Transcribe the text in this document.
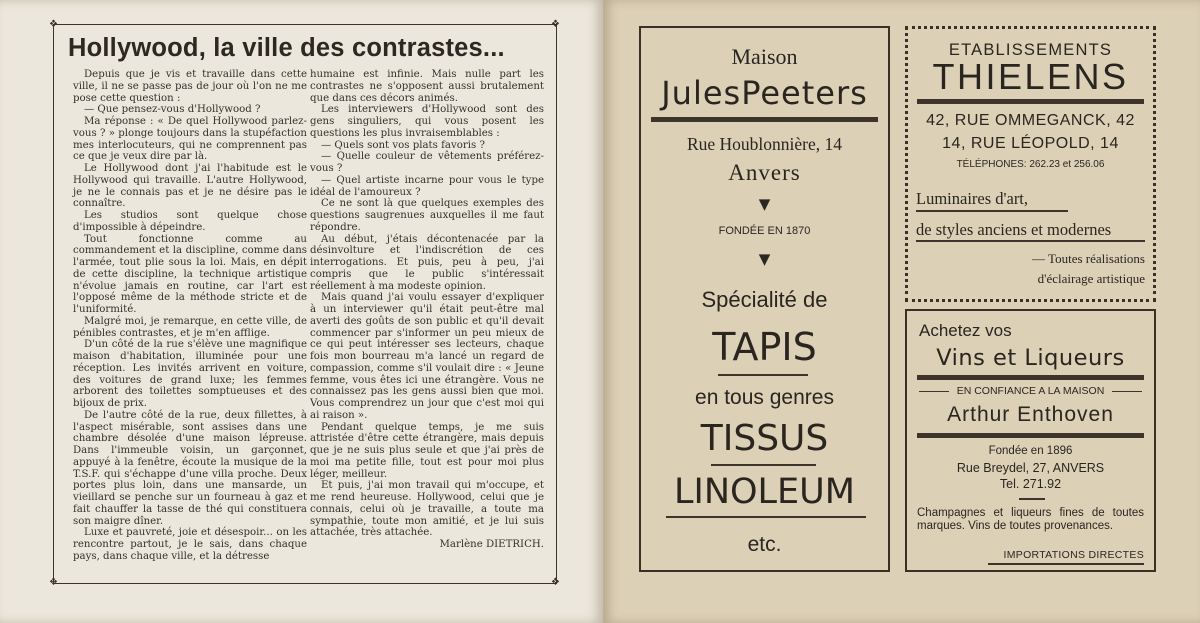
❖	❖
❖	❖
Hollywood, la ville des contrastes...

Depuis que je vis et travaille dans cette ville, il ne se passe pas de jour où l'on ne me pose cette question :

— Que pensez-vous d'Hollywood ?

Ma réponse : « De quel Hollywood parlez-vous ? » plonge toujours dans la stupéfaction mes interlocuteurs, qui ne comprennent pas ce que je veux dire par là.

Le Hollywood dont j'ai l'habitude est le Hollywood qui travaille. L'autre Hollywood, je ne le connais pas et je ne désire pas le connaître.

Les studios sont quelque chose d'impossible à dépeindre.

Tout fonctionne comme au commandement et la discipline, comme dans l'armée, tout plie sous la loi. Mais, en dépit de cette discipline, la technique artistique n'évolue jamais en routine, car l'art est l'opposé même de la méthode stricte et de l'uniformité.

Malgré moi, je remarque, en cette ville, de pénibles contrastes, et je m'en afflige.

D'un côté de la rue s'élève une magnifique maison d'habitation, illuminée pour une réception. Les invités arrivent en voiture, des voitures de grand luxe; les femmes arborent des toilettes somptueuses et des bijoux de prix.

De l'autre côté de la rue, deux fillettes, à l'aspect misérable, sont assises dans une chambre désolée d'une maison lépreuse. Dans l'immeuble voisin, un garçonnet, appuyé à la fenêtre, écoute la musique de la T.S.F. qui s'échappe d'une villa proche. Deux portes plus loin, dans une mansarde, un vieillard se penche sur un fourneau à gaz et fait chauffer la tasse de thé qui constituera son maigre dîner.

Luxe et pauvreté, joie et désespoir... on les rencontre partout, je le sais, dans chaque pays, dans chaque ville, et la détresse

humaine est infinie. Mais nulle part les contrastes ne s'opposent aussi brutalement que dans ces décors animés.

Les interviewers d'Hollywood sont des gens singuliers, qui vous posent les questions les plus invraisemblables :

— Quels sont vos plats favoris ?

— Quelle couleur de vêtements préférez-vous ?

— Quel artiste incarne pour vous le type idéal de l'amoureux ?

Ce ne sont là que quelques exemples des questions saugrenues auxquelles il me faut répondre.

Au début, j'étais décontenacée par la désinvolture et l'indiscrétion de ces interrogations. Et puis, peu à peu, j'ai compris que le public s'intéressait réellement à ma modeste opinion.

Mais quand j'ai voulu essayer d'expliquer à un interviewer qu'il était peut-être mal averti des goûts de son public et qu'il devait commencer par s'informer un peu mieux de ce qui peut intéresser ses lecteurs, chaque fois mon bourreau m'a lancé un regard de compassion, comme s'il voulait dire : « Jeune femme, vous êtes ici une étrangère. Vous ne connaissez pas les gens aussi bien que moi. Vous comprendrez un jour que c'est moi qui ai raison ».

Pendant quelque temps, je me suis attristée d'être cette étrangère, mais depuis que je ne suis plus seule et que j'ai près de moi ma petite fille, tout est pour moi plus léger, meilleur.

Et puis, j'ai mon travail qui m'occupe, et me rend heureuse. Hollywood, celui que je connais, celui où je travaille, a toute ma sympathie, toute mon amitié, et je lui suis attachée, très attachée.

Marlène DIETRICH.

Maison
JulesPeeters
Rue Houblonnière, 14
Anvers
▼
FONDÉE EN 1870
▼
Spécialité de
TAPIS
en tous genres
TISSUS
LINOLEUM
etc.
ETABLISSEMENTS
THIELENS
42, RUE OMMEGANCK, 42
14, RUE LÉOPOLD, 14
TÉLÉPHONES: 262.23 et 256.06
Luminaires d'art,
de styles anciens et modernes
— Toutes réalisations
d'éclairage artistique
Achetez vos
Vins et Liqueurs
EN CONFIANCE A LA MAISON
Arthur Enthoven
Fondée en 1896
Rue Breydel, 27, ANVERS
Tel. 271.92
Champagnes et liqueurs fines de toutes marques. Vins de toutes provenances.
IMPORTATIONS DIRECTES
